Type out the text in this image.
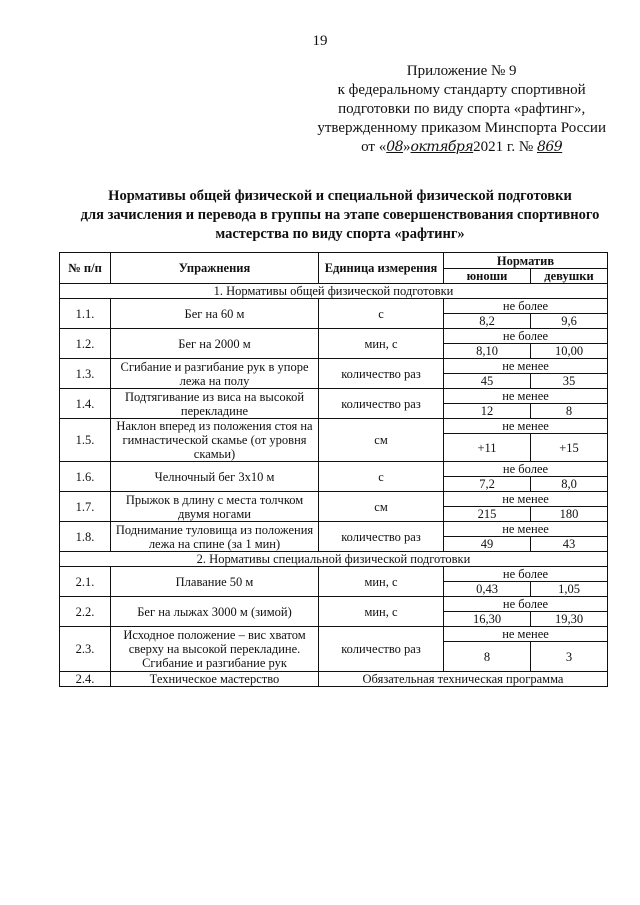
19
Приложение № 9
к федеральному стандарту спортивной
подготовки по виду спорта «рафтинг»,
утвержденному приказом Минспорта России
от «08»октября2021 г. № 869
Нормативы общей физической и специальной физической подготовки
для зачисления и перевода в группы на этапе совершенствования спортивного
мастерства по виду спорта «рафтинг»
№ п/п	Упражнения	Единица измерения	Норматив	
			юноши	девушки
1. Нормативы общей физической подготовки				
1.1.	Бег на 60 м	с	не более	
			8,2	9,6
1.2.	Бег на 2000 м	мин, с	не более	
			8,10	10,00
1.3.	Сгибание и разгибание рук в упоре лежа на полу	количество раз	не менее	
			45	35
1.4.	Подтягивание из виса на высокой перекладине	количество раз	не менее	
			12	8
1.5.	Наклон вперед из положения стоя на гимнастической скамье (от уровня скамьи)	см	не менее	
			+11	+15
1.6.	Челночный бег 3х10 м	с	не более	
			7,2	8,0
1.7.	Прыжок в длину с места толчком двумя ногами	см	не менее	
			215	180
1.8.	Поднимание туловища из положения лежа на спине (за 1 мин)	количество раз	не менее	
			49	43
2. Нормативы специальной физической подготовки				
2.1.	Плавание 50 м	мин, с	не более	
			0,43	1,05
2.2.	Бег на лыжах 3000 м (зимой)	мин, с	не более	
			16,30	19,30
2.3.	Исходное положение – вис хватом сверху на высокой перекладине. Сгибание и разгибание рук	количество раз	не менее	
			8	3
2.4.	Техническое мастерство	Обязательная техническая программа		
